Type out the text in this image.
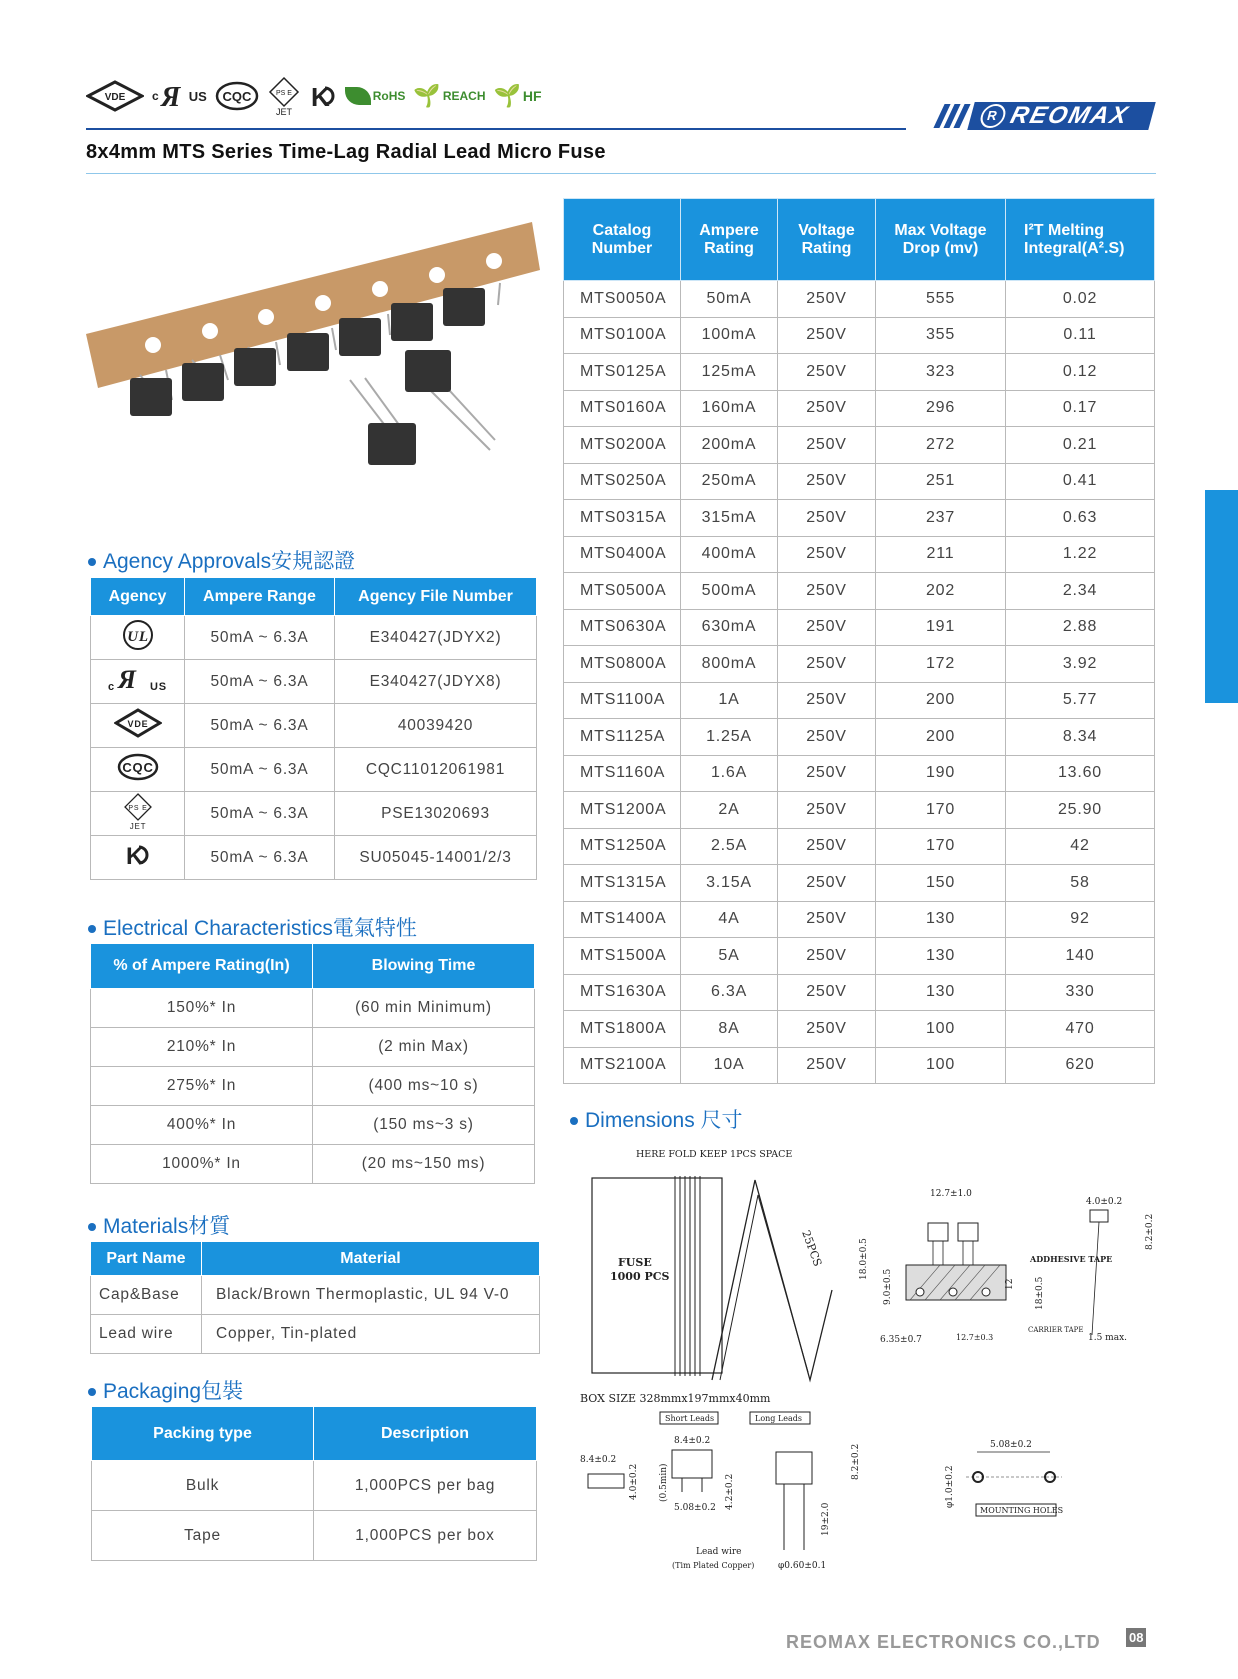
VDE c Я US CQC	PS E
JET K	RoHS 🌱 REACH 🌱 HF
R REOMAX
8x4mm MTS Series Time-Lag Radial Lead Micro Fuse
Catalog Number	Ampere Rating	Voltage Rating	Max Voltage Drop (mv)	I²T Melting Integral(A².S)
MTS0050A	50mA	250V	555	0.02
MTS0100A	100mA	250V	355	0.11
MTS0125A	125mA	250V	323	0.12
MTS0160A	160mA	250V	296	0.17
MTS0200A	200mA	250V	272	0.21
MTS0250A	250mA	250V	251	0.41
MTS0315A	315mA	250V	237	0.63
MTS0400A	400mA	250V	211	1.22
MTS0500A	500mA	250V	202	2.34
MTS0630A	630mA	250V	191	2.88
MTS0800A	800mA	250V	172	3.92
MTS1100A	1A	250V	200	5.77
MTS1125A	1.25A	250V	200	8.34
MTS1160A	1.6A	250V	190	13.60
MTS1200A	2A	250V	170	25.90
MTS1250A	2.5A	250V	170	42
MTS1315A	3.15A	250V	150	58
MTS1400A	4A	250V	130	92
MTS1500A	5A	250V	130	140
MTS1630A	6.3A	250V	130	330
MTS1800A	8A	250V	100	470
MTS2100A	10A	250V	100	620
Agency Approvals安規認證
Agency	Ampere Range	Agency File Number

UL	50mA ~ 6.3A	E340427(JDYX2)

c Я US	50mA ~ 6.3A	E340427(JDYX8)

VDE	50mA ~ 6.3A	40039420

CQC	50mA ~ 6.3A	CQC11012061981

PS E
JET	50mA ~ 6.3A	PSE13020693

K	50mA ~ 6.3A	SU05045-14001/2/3
Electrical Characteristics電氣特性
% of Ampere Rating(In)	Blowing Time
150%* In	(60 min Minimum)
210%* In	(2 min Max)
275%* In	(400 ms~10 s)
400%* In	(150 ms~3 s)
1000%* In	(20 ms~150 ms)
Materials材質
Part Name	Material
Cap&Base	Black/Brown Thermoplastic, UL 94 V-0
Lead wire	Copper, Tin-plated
Packaging包裝
Packing type	Description
Bulk	1,000PCS per bag
Tape	1,000PCS per box
Dimensions 尺寸
HERE FOLD KEEP 1PCS SPACE
FUSE
1000 PCS
25PCS
BOX SIZE 328mmx197mmx40mm
12.7±1.0
18.0±0.5
9.0±0.5	12 18±0.5
6.35±0.7	12.7±0.3
ADDHESIVE TAPE
CARRIER TAPE
1.5 max.
4.0±0.2
8.2±0.2
Short Leads	Long Leads
8.4±0.2
8.4±0.2
4.0±0.2 (0.5min)
5.08±0.2 4.2±0.2
8.2±0.2
19±2.0
Lead wire
(Tim Plated Copper)	φ0.60±0.1
5.08±0.2
φ1.0±0.2
MOUNTING HOLES
REOMAX ELECTRONICS CO.,LTD 08
